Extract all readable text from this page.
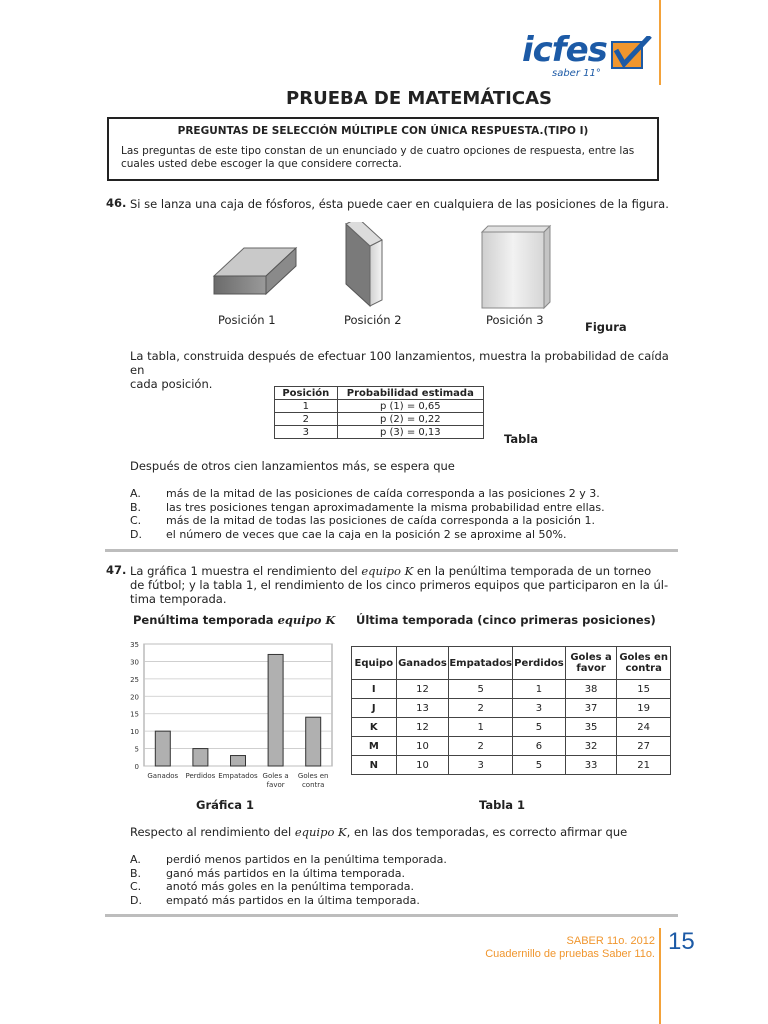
icfes
saber 11°
PRUEBA DE MATEMÁTICAS
PREGUNTAS DE SELECCIÓN MÚLTIPLE CON ÚNICA RESPUESTA.(TIPO I)
Las preguntas de este tipo constan de un enunciado y de cuatro opciones de respuesta, entre las
cuales usted debe escoger la que considere correcta.
46. Si se lanza una caja de fósforos, ésta puede caer en cualquiera de las posiciones de la figura.
Posición 1	Posición 2	Posición 3	Figura
La tabla, construida después de efectuar 100 lanzamientos, muestra la probabilidad de caída en
cada posición.
Posición	Probabilidad estimada
1	p (1) = 0,65
2	p (2) = 0,22
3	p (3) = 0,13	Tabla
Después de otros cien lanzamientos más, se espera que
A. más de la mitad de las posiciones de caída corresponda a las posiciones 2 y 3.
B. las tres posiciones tengan aproximadamente la misma probabilidad entre ellas.
C. más de la mitad de todas las posiciones de caída corresponda a la posición 1.
D. el número de veces que cae la caja en la posición 2 se aproxime al 50%.
47. La gráfica 1 muestra el rendimiento del equipo K en la penúltima temporada de un torneo
de fútbol; y la tabla 1, el rendimiento de los cinco primeros equipos que participaron en la úl-
tima temporada.
Penúltima temporada equipo K Última temporada (cinco primeras posiciones)
0
5
10
15
20
25
30
35
Ganados Perdidos Empatados Goles a
favor
Goles en
contra
Gráfica 1
Equipo	Ganados	Empatados	Perdidos	Goles a favor	Goles en contra
I	12	5	1	38	15
J	13	2	3	37	19
K	12	1	5	35	24
M	10	2	6	32	27
N	10	3	5	33	21
Tabla 1
Respecto al rendimiento del equipo K, en las dos temporadas, es correcto afirmar que
A. perdió menos partidos en la penúltima temporada.
B. ganó más partidos en la última temporada.
C. anotó más goles en la penúltima temporada.
D. empató más partidos en la última temporada.
SABER 11o. 2012
Cuadernillo de pruebas Saber 11o. 15
